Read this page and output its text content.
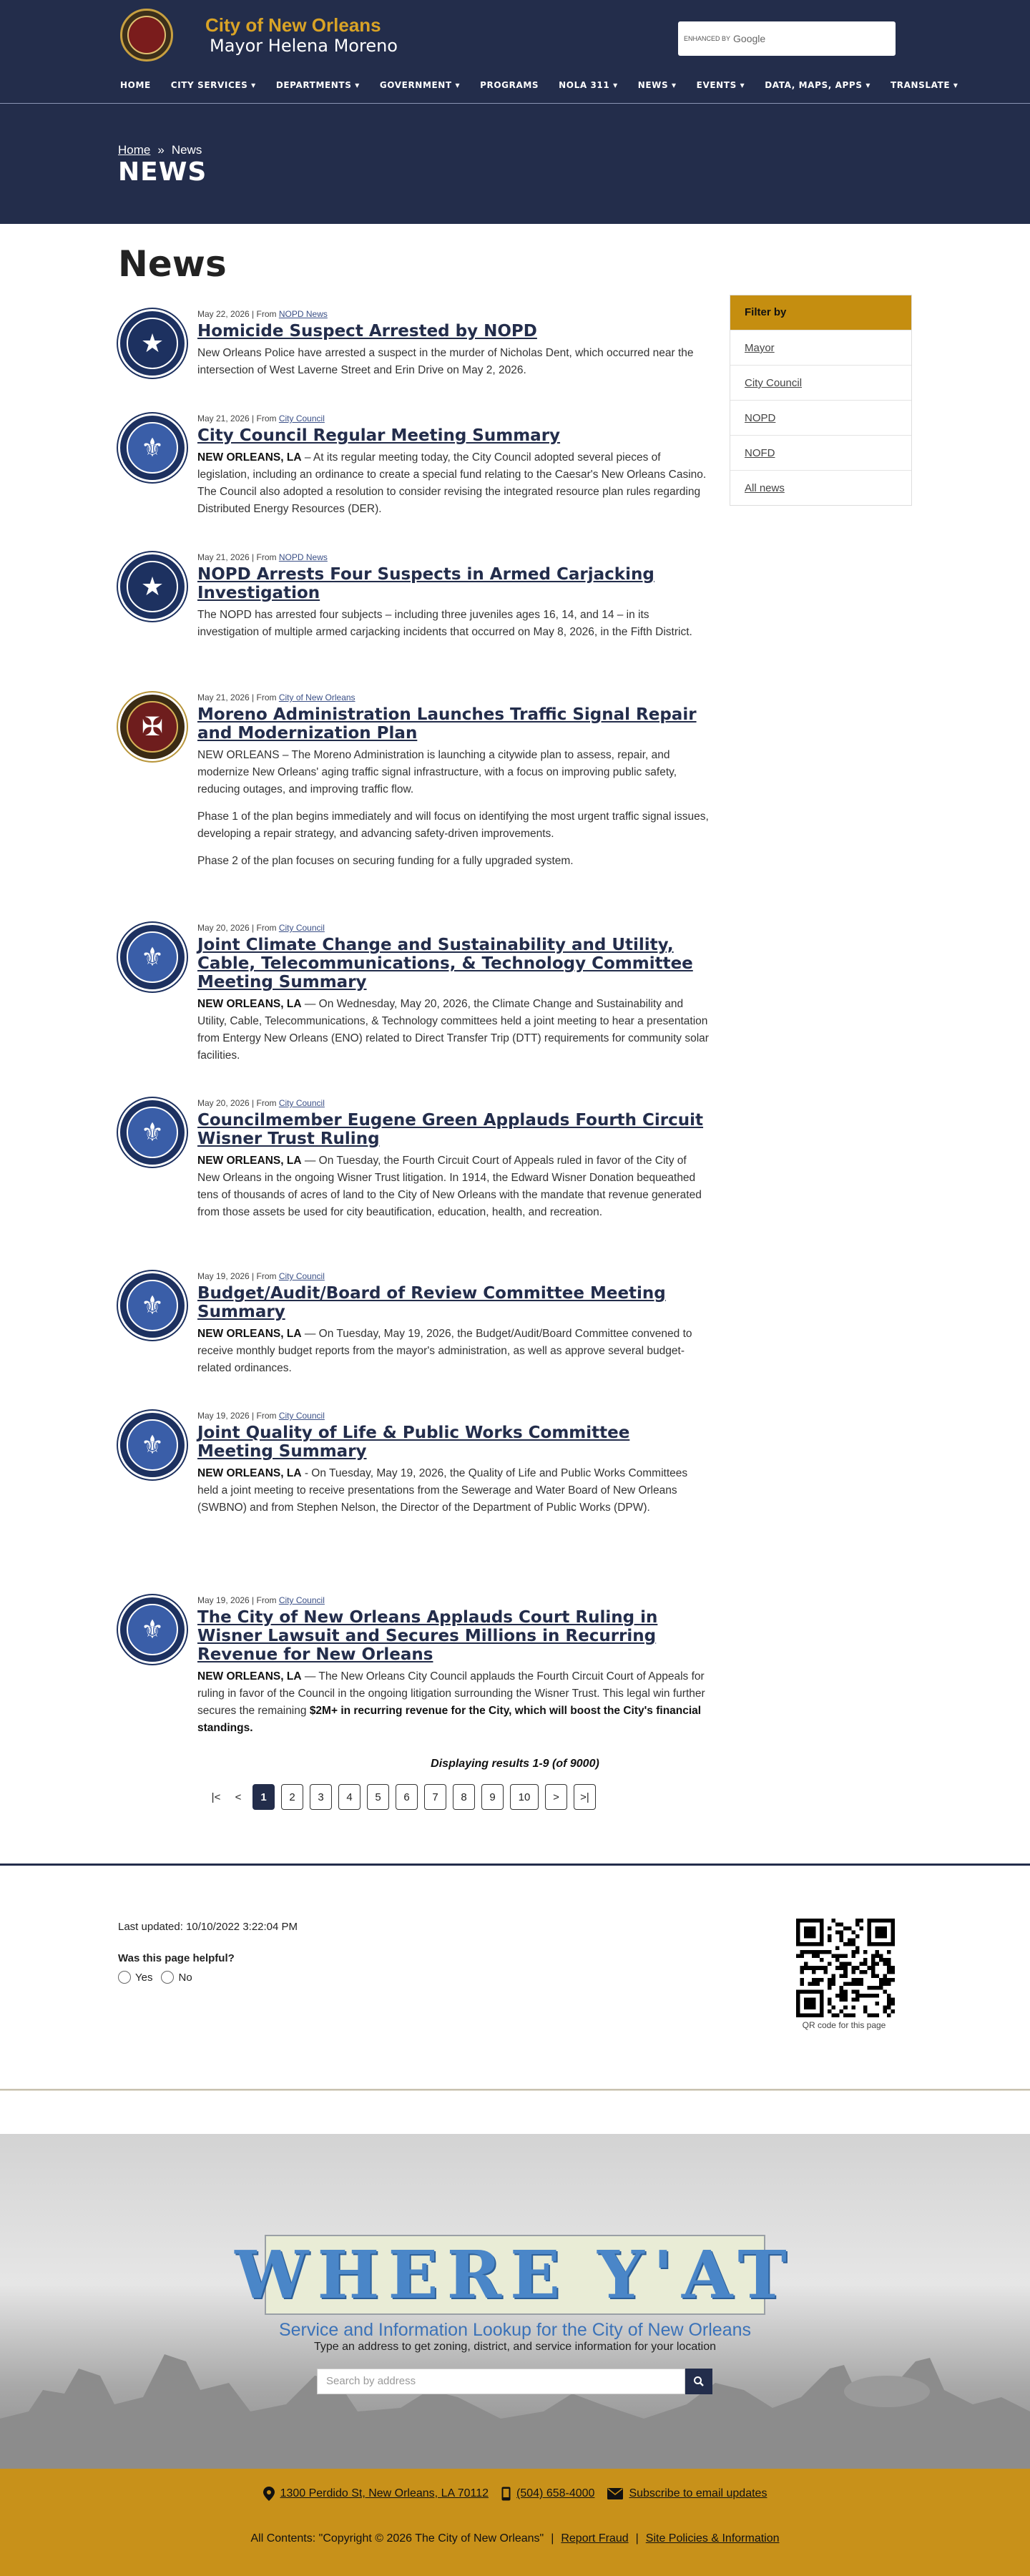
City of New Orleans
Mayor Helena Moreno	ENHANCED BY Google
HOME CITY SERVICES ▾ DEPARTMENTS ▾ GOVERNMENT ▾ PROGRAMS NOLA 311 ▾ NEWS ▾ EVENTS ▾ DATA, MAPS, APPS ▾ TRANSLATE ▾
Home » News
NEWS
News
★
May 22, 2026 | From NOPD News
Homicide Suspect Arrested by NOPD

New Orleans Police have arrested a suspect in the murder of Nicholas Dent, which occurred near the intersection of West Laverne Street and Erin Drive on May 2, 2026.

⚜
May 21, 2026 | From City Council
City Council Regular Meeting Summary

NEW ORLEANS, LA – At its regular meeting today, the City Council adopted several pieces of legislation, including an ordinance to create a special fund relating to the Caesar's New Orleans Casino. The Council also adopted a resolution to consider revising the integrated resource plan rules regarding Distributed Energy Resources (DER).

★
May 21, 2026 | From NOPD News
NOPD Arrests Four Suspects in Armed Carjacking Investigation

The NOPD has arrested four subjects – including three juveniles ages 16, 14, and 14 – in its investigation of multiple armed carjacking incidents that occurred on May 8, 2026, in the Fifth District.

✠
May 21, 2026 | From City of New Orleans
Moreno Administration Launches Traffic Signal Repair and Modernization Plan

NEW ORLEANS – The Moreno Administration is launching a citywide plan to assess, repair, and modernize New Orleans' aging traffic signal infrastructure, with a focus on improving public safety, reducing outages, and improving traffic flow.

Phase 1 of the plan begins immediately and will focus on identifying the most urgent traffic signal issues, developing a repair strategy, and advancing safety-driven improvements.

Phase 2 of the plan focuses on securing funding for a fully upgraded system.

⚜
May 20, 2026 | From City Council
Joint Climate Change and Sustainability and Utility, Cable, Telecommunications, & Technology Committee Meeting Summary

NEW ORLEANS, LA — On Wednesday, May 20, 2026, the Climate Change and Sustainability and Utility, Cable, Telecommunications, & Technology committees held a joint meeting to hear a presentation from Entergy New Orleans (ENO) related to Direct Transfer Trip (DTT) requirements for community solar facilities.

⚜
May 20, 2026 | From City Council
Councilmember Eugene Green Applauds Fourth Circuit Wisner Trust Ruling

NEW ORLEANS, LA — On Tuesday, the Fourth Circuit Court of Appeals ruled in favor of the City of New Orleans in the ongoing Wisner Trust litigation. In 1914, the Edward Wisner Donation bequeathed tens of thousands of acres of land to the City of New Orleans with the mandate that revenue generated from those assets be used for city beautification, education, health, and recreation.

⚜
May 19, 2026 | From City Council
Budget/Audit/Board of Review Committee Meeting Summary

NEW ORLEANS, LA — On Tuesday, May 19, 2026, the Budget/Audit/Board Committee convened to receive monthly budget reports from the mayor's administration, as well as approve several budget-related ordinances.

⚜
May 19, 2026 | From City Council
Joint Quality of Life & Public Works Committee Meeting Summary

NEW ORLEANS, LA - On Tuesday, May 19, 2026, the Quality of Life and Public Works Committees held a joint meeting to receive presentations from the Sewerage and Water Board of New Orleans (SWBNO) and from Stephen Nelson, the Director of the Department of Public Works (DPW).

⚜
May 19, 2026 | From City Council
The City of New Orleans Applauds Court Ruling in Wisner Lawsuit and Secures Millions in Recurring Revenue for New Orleans

NEW ORLEANS, LA — The New Orleans City Council applauds the Fourth Circuit Court of Appeals for ruling in favor of the Council in the ongoing litigation surrounding the Wisner Trust. This legal win further secures the remaining $2M+ in recurring revenue for the City, which will boost the City's financial standings.

Filter by
Mayor
City Council
NOPD
NOFD
All news
Displaying results 1-9 (of 9000)
|<	<	1	2	3	4	5	6	7	8	9	10	>	>|
Last updated: 10/10/2022 3:22:04 PM
Was this page helpful?
Yes No
QR code for this page
WHERE Y'AT
Service and Information Lookup for the City of New Orleans
Type an address to get zoning, district, and service information for your location
Search by address
1300 Perdido St, New Orleans, LA 70112 (504) 658-4000	Subscribe to email updates
All Contents: "Copyright © 2026 The City of New Orleans" | Report Fraud | Site Policies & Information
